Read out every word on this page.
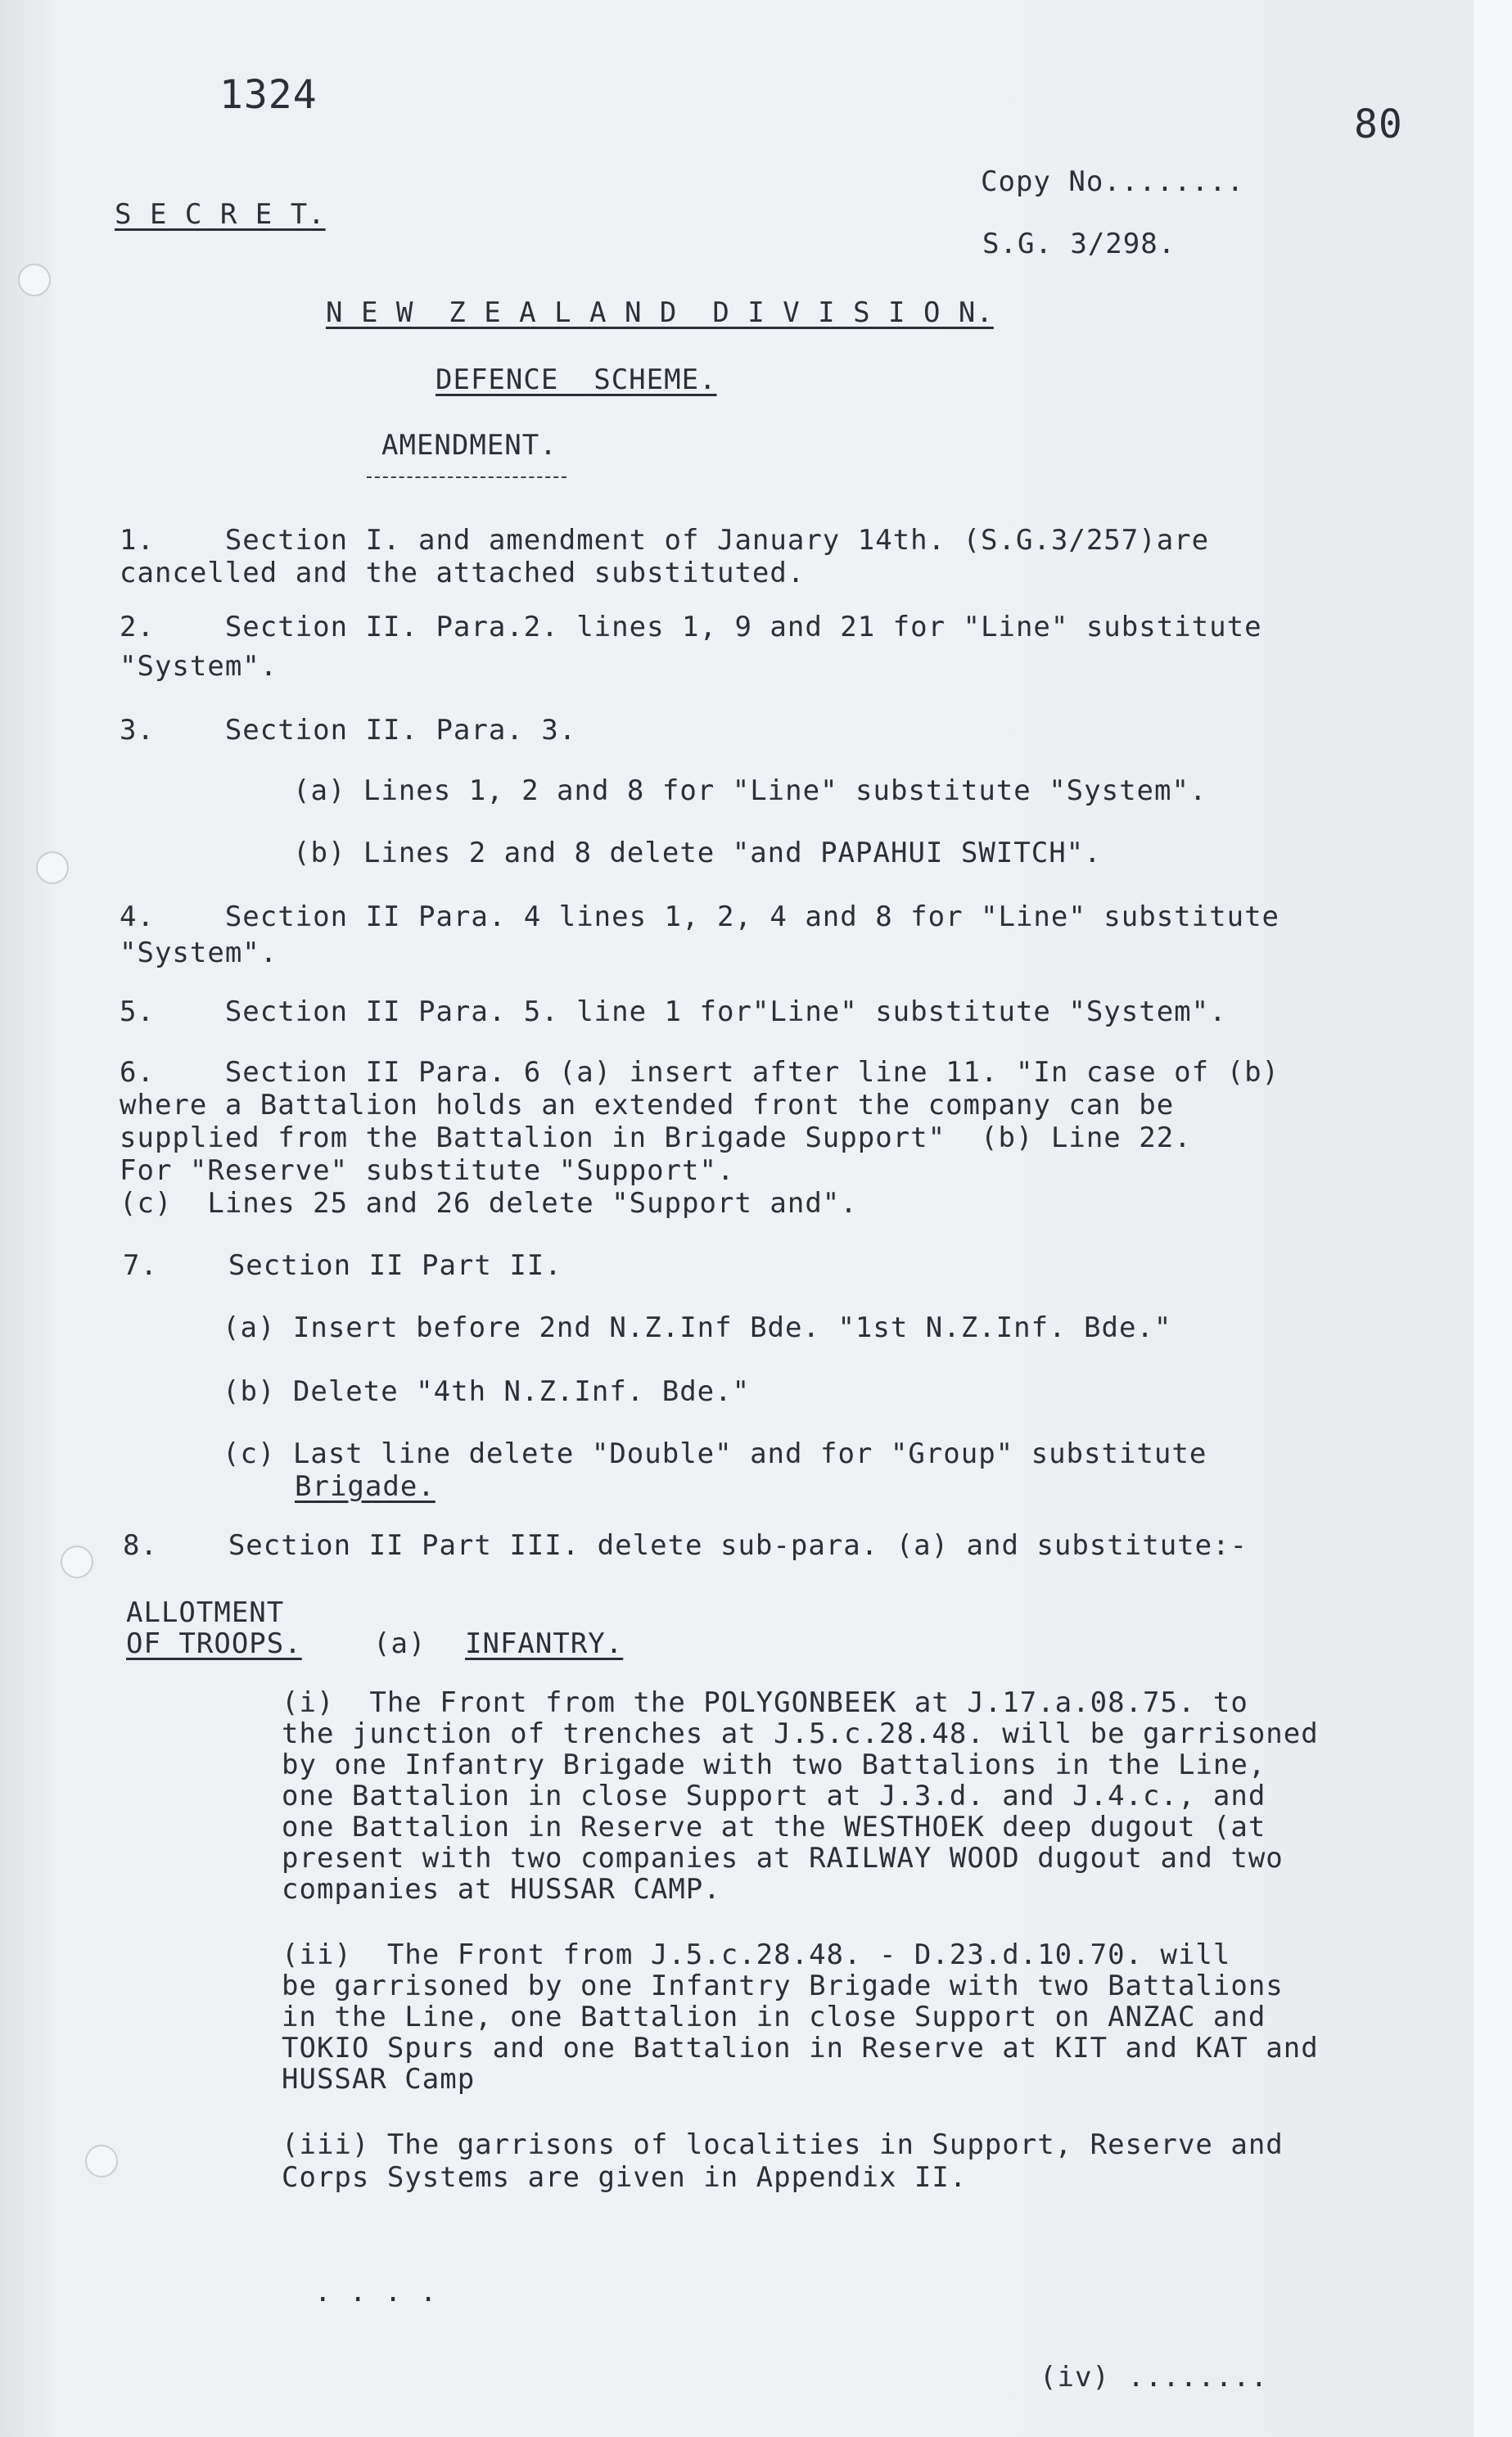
1324
80
S E C R E T.
Copy No........
S.G. 3/298.
N E W  Z E A L A N D  D I V I S I O N.
DEFENCE  SCHEME.
AMENDMENT.
1.    Section I. and amendment of January 14th. (S.G.3/257)are
cancelled and the attached substituted.
2.    Section II. Para.2. lines 1, 9 and 21 for "Line" substitute
"System".
3.    Section II. Para. 3.
(a) Lines 1, 2 and 8 for "Line" substitute "System".
(b) Lines 2 and 8 delete "and PAPAHUI SWITCH".
4.    Section II Para. 4 lines 1, 2, 4 and 8 for "Line" substitute
"System".
5.    Section II Para. 5. line 1 for"Line" substitute "System".
6.    Section II Para. 6 (a) insert after line 11. "In case of (b)
where a Battalion holds an extended front the company can be
supplied from the Battalion in Brigade Support"  (b) Line 22.
For "Reserve" substitute "Support".
(c)  Lines 25 and 26 delete "Support and".
7.    Section II Part II.
(a) Insert before 2nd N.Z.Inf Bde. "1st N.Z.Inf. Bde."
(b) Delete "4th N.Z.Inf. Bde."
(c) Last line delete "Double" and for "Group" substitute
Brigade.
8.    Section II Part III. delete sub-para. (a) and substitute:-
ALLOTMENT
OF TROOPS.	(a) INFANTRY.
(i)  The Front from the POLYGONBEEK at J.17.a.08.75. to
the junction of trenches at J.5.c.28.48. will be garrisoned
by one Infantry Brigade with two Battalions in the Line,
one Battalion in close Support at J.3.d. and J.4.c., and
one Battalion in Reserve at the WESTHOEK deep dugout (at
present with two companies at RAILWAY WOOD dugout and two
companies at HUSSAR CAMP.
(ii)  The Front from J.5.c.28.48. - D.23.d.10.70. will
be garrisoned by one Infantry Brigade with two Battalions
in the Line, one Battalion in close Support on ANZAC and
TOKIO Spurs and one Battalion in Reserve at KIT and KAT and
HUSSAR Camp
(iii) The garrisons of localities in Support, Reserve and
Corps Systems are given in Appendix II.
. . . .
(iv) ........
